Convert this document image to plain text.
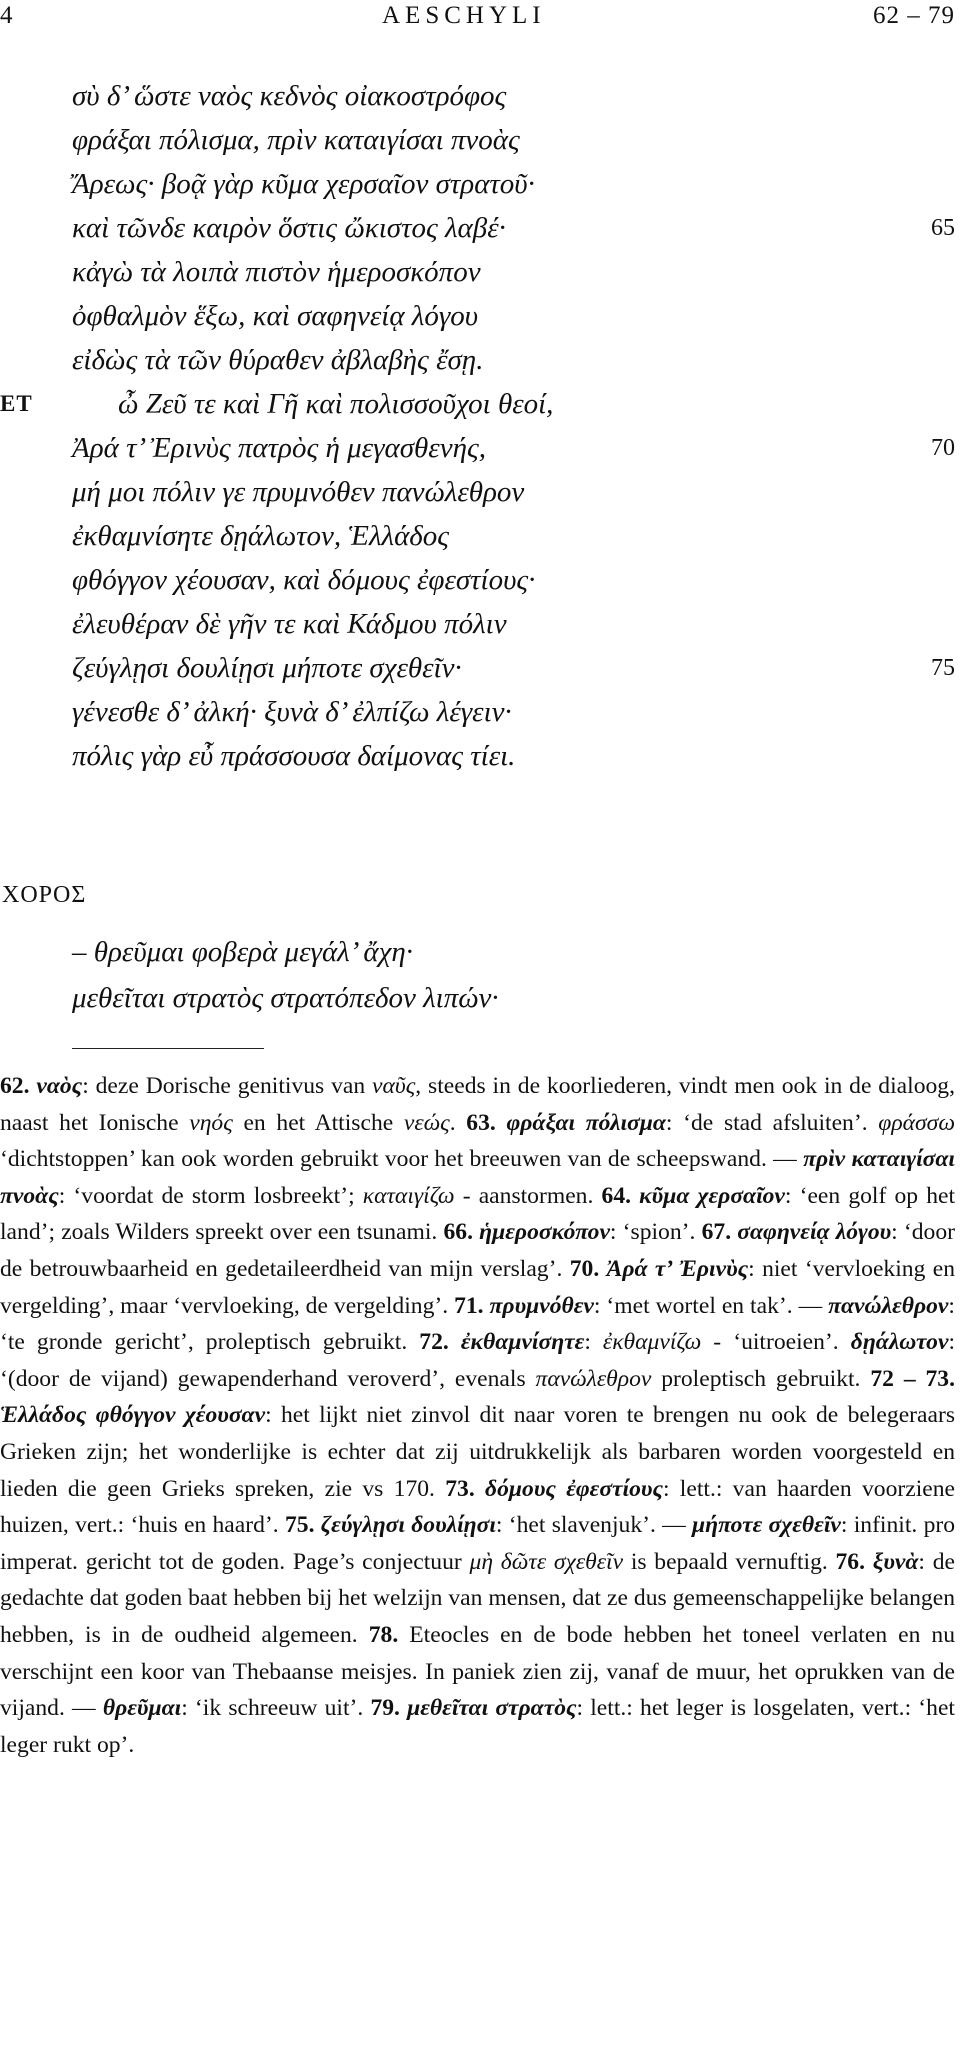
4	AESCHYLI	62 – 79
σὺ δ’ ὥστε ναὸς κεδνὸς οἰακοστρόφος
φράξαι πόλισμα, πρὶν καταιγίσαι πνοὰς
Ἄρεως· βοᾷ γὰρ κῦμα χερσαῖον στρατοῦ·
καὶ τῶνδε καιρὸν ὅστις ὤκιστος λαβέ·	65
κἀγὼ τὰ λοιπὰ πιστὸν ἡμεροσκόπον
ὀφθαλμὸν ἕξω, καὶ σαφηνείᾳ λόγου
εἰδὼς τὰ τῶν θύραθεν ἀβλαβὴς ἔσῃ.
ET	ὦ Ζεῦ τε καὶ Γῆ καὶ πολισσοῦχοι θεοί,
Ἀρά τ’ Ἐρινὺς πατρὸς ἡ μεγασθενής,	70
μή μοι πόλιν γε πρυμνόθεν πανώλεθρον
ἐκθαμνίσητε δῃάλωτον, Ἑλλάδος
φθόγγον χέουσαν, καὶ δόμους ἐφεστίους·
ἐλευθέραν δὲ γῆν τε καὶ Κάδμου πόλιν
ζεύγλῃσι δουλίῃσι μήποτε σχεθεῖν·	75
γένεσθε δ’ ἀλκή· ξυνὰ δ’ ἐλπίζω λέγειν·
πόλις γὰρ εὖ πράσσουσα δαίμονας τίει.
ΧΟΡΟΣ
– θρεῦμαι φοβερὰ μεγάλ’ ἄχη·
μεθεῖται στρατὸς στρατόπεδον λιπών·

62. ναὸς: deze Dorische genitivus van ναῦς, steeds in de koorliederen, vindt men ook in de dialoog, naast het Ionische νηός en het Attische νεώς. 63. φράξαι πόλισμα: ‘de stad afsluiten’. φράσσω ‘dichtstoppen’ kan ook worden gebruikt voor het breeuwen van de scheepswand. — πρὶν καταιγίσαι πνοὰς: ‘voordat de storm losbreekt’; καταιγίζω - aanstormen. 64. κῦμα χερσαῖον: ‘een golf op het land’; zoals Wilders spreekt over een tsunami. 66. ἡμεροσκόπον: ‘spion’. 67. σαφηνείᾳ λόγου: ‘door de betrouwbaarheid en gedetaileerdheid van mijn verslag’. 70. Ἀρά τ’ Ἐρινὺς: niet ‘vervloeking en vergelding’, maar ‘vervloeking, de vergelding’. 71. πρυμνόθεν: ‘met wortel en tak’. — πανώλεθρον: ‘te gronde gericht’, proleptisch gebruikt. 72. ἐκθαμνίσητε: ἐκθαμνίζω - ‘uitroeien’. δῃάλωτον: ‘(door de vijand) gewapenderhand veroverd’, evenals πανώλεθρον proleptisch gebruikt. 72 – 73. Ἑλλάδος φθόγγον χέουσαν: het lijkt niet zinvol dit naar voren te brengen nu ook de belegeraars Grieken zijn; het wonderlijke is echter dat zij uitdrukkelijk als barbaren worden voorgesteld en lieden die geen Grieks spreken, zie vs 170. 73. δόμους ἐφεστίους: lett.: van haarden voorziene huizen, vert.: ‘huis en haard’. 75. ζεύγλῃσι δουλίῃσι: ‘het slavenjuk’. — μήποτε σχεθεῖν: infinit. pro imperat. gericht tot de goden. Page’s conjectuur μὴ δῶτε σχεθεῖν is bepaald vernuftig. 76. ξυνὰ: de gedachte dat goden baat hebben bij het welzijn van mensen, dat ze dus gemeenschappelijke belangen hebben, is in de oudheid algemeen. 78. Eteocles en de bode hebben het toneel verlaten en nu verschijnt een koor van Thebaanse meisjes. In paniek zien zij, vanaf de muur, het oprukken van de vijand. — θρεῦμαι: ‘ik schreeuw uit’. 79. μεθεῖται στρατὸς: lett.: het leger is losgelaten, vert.: ‘het leger rukt op’.
